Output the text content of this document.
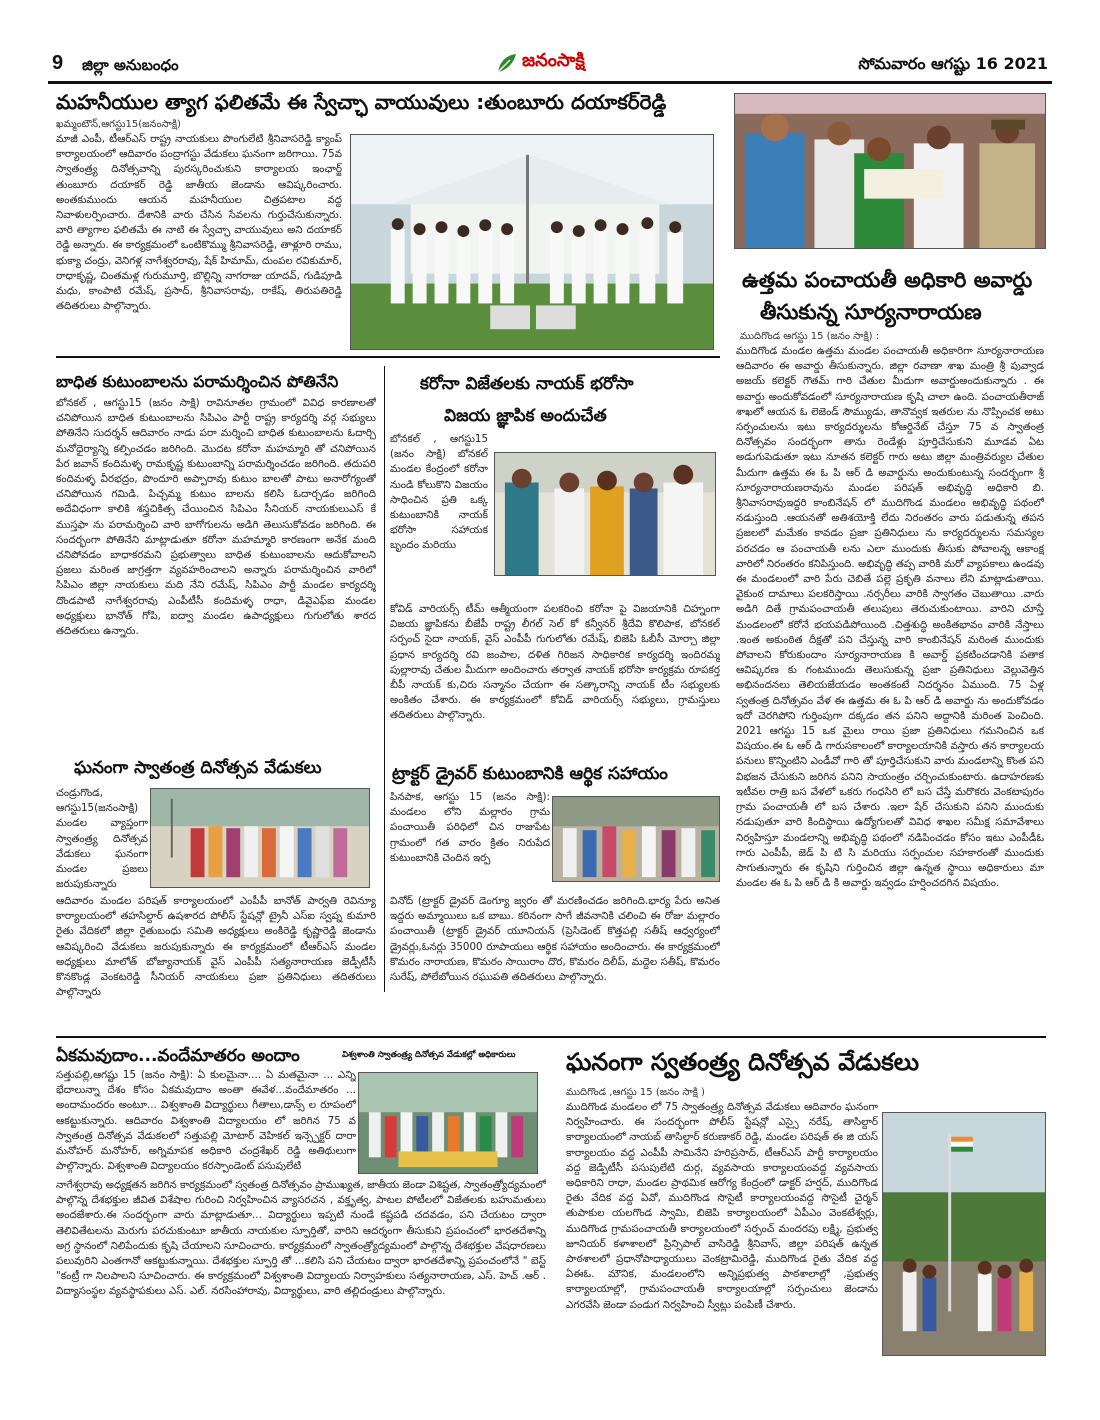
9 జిల్లా అనుబంధం	జనంసాక్షి	సోమవారం ఆగష్టు 16 2021
మహనీయుల త్యాగ ఫలితమే ఈ స్వేచ్ఛా వాయువులు :తుంబూరు దయాకర్‌రెడ్డి
ఖమ్మంటౌన్,ఆగస్టు15(జనంసాక్షి)
మాజీ ఎంపీ, టీఆర్‌ఎస్ రాష్ట్ర నాయకులు పొంగులేటి శ్రీనివాసరెడ్డి క్యాంప్ కార్యాలయంలో ఆదివారం పంద్రాగస్టు వేడుకలు ఘనంగా జరిగాయి. 75వ స్వాతంత్ర్య దినోత్సవాన్ని పురస్కరించుకుని కార్యాలయ ఇంఛార్జ్ తుంబూరు దయాకర్ రెడ్డి జాతీయ జెండాను ఆవిష్కరించారు. అంతకుముందు ఆయన మహనీయుల చిత్రపటాల వద్ద నివాళులర్పించారు. దేశానికి వారు చేసిన సేవలను గుర్తుచేసుకున్నారు. వారి త్యాగాల ఫలితమే ఈ నాటి ఈ స్వేచ్ఛా వాయువులు అని దయాకర్ రెడ్డి అన్నారు. ఈ కార్యక్రమంలో ఒంటికొమ్ము శ్రీనివాసరెడ్డి, తాళ్లూరి రాము, భుక్యా చంద్రు, వెనిగళ్ల నాగేశ్వరరావు, షేక్ హిమామ్, దుంపల రవికుమార్, రాధాకృష్ణ, చింతమళ్ల గురుమూర్తి, బొల్లిన్ని నాగరాజు యాదవ్, గుడిపూడి మధు, కాంపాటి రమేష్, ప్రసాద్, శ్రీనివాసరావు, రాకేష్, తిరుపతిరెడ్డి తదితరులు పాల్గొన్నారు.
ఉత్తమ పంచాయతీ అధికారి అవార్డు
తీసుకున్న సూర్యనారాయణ
ముదిగొండ ఆగస్టు 15 (జనం సాక్షి) :
ముదిగొండ మండల ఉత్తమ మండల పంచాయతీ అధికారిగా సూర్యనారాయణ ఆదివారం ఈ అవార్డు తీసుకున్నారు. జిల్లా రవాణా శాఖ మంత్రి శ్రీ పువ్వాడ అజయ్ కలెక్టర్ గౌతమ్ గారి చేతుల మీదుగా అవార్డుఅందుకున్నారు . ఈ అవార్డు అందుకోవడంలో సూర్యనారాయణ కృషి చాలా ఉంది. పంచాయతీరాజ్ శాఖలో ఆయన ఓ లెజెండ్ సౌమ్యుడు, తానొవ్వక ఇతరుల ను నొప్పించక అటు సర్పంచులను ఇటు కార్యదర్శులను కోఆర్డినేట్ చేస్తూ 75 వ స్వాతంత్ర దినోత్సవం సందర్భంగా తాను రెండేళ్లు పూర్తిచేసుకుని మూడవ ఏట అడుగుపెడుతూ ఇటు నూతన కలెక్టర్ గారు అటు జిల్లా మంత్రివర్యుల చేతుల మీదుగా ఉత్తమ ఈ ఓ పి ఆర్ డి అవార్డును అందుకుంటున్న సందర్భంగా శ్రీ సూర్యనారాయణరావును మండల పరిషత్ అభివృద్ధి అధికారి బి. శ్రీనివాసరావుఇద్దరి కాంబినేషన్ లో ముదిగొండ మండలం అభివృద్ధి పథంలో నడుస్తుంది .ఆయనతో అతిశయోక్తి లేదు నిరంతరం వారు పడుతున్న తపన ప్రజలలో మమేకం కావడం ప్రజా ప్రతినిధులు ను కార్యదర్శులను సమస్యల పరచడం ఆ పంచాయతీ లను ఎలా ముందుకు తీసుకు పోవాలన్న ఆకాంక్ష వారిలో నిరంతరం కనిపిస్తుంది. అభివృద్ధి తప్ప వారికి మరో వ్యాపకాలు ఉండవు ఈ మండలంలో వారి పేరు చెబితే పల్లె ప్రకృతి వనాలు లేని మాట్లాడుతాయి. వైకుంఠ దామాలు పలకరిస్తాయి .నర్సరీలు వారికి స్వాగతం చెబుతాయి .వారు అడిగి దితే గ్రామపంచాయతీ తలుపులు తెరుచుకుంటాయి. వారిని చూస్తే మండలంలో కరోనే భయపడిపోయింది .చిత్తశుద్ధి అంకితభావం వారికి నేస్తాలు .ఇంత అకుంఠిత దీక్షతో పని చేస్తున్న వారి కాంబినేషన్ మరింత ముందుకు పోవాలని కోరుకుందాం సూర్యనారాయణ కి అవార్డ్ ప్రకటించడానికి పతాక ఆవిష్కరణ కు గంటముందు తెలుసుకున్న ప్రజా ప్రతినిధులు వెల్లువెత్తిన అభినందనలు తెలియజేయడం అంతకంటే నిదర్శనం ఏముంది. 75 ఏళ్ల స్వతంత్ర దినోత్సవం వేళ ఈ ఉత్తమ ఈ ఓ పి ఆర్ డి అవార్డు ను అందుకోవడం ఇదో చెరగిపోని గుర్తింపుగా దక్కడం తన పనిని అద్దానికి మరింత పెంచింది. 2021 ఆగస్టు 15 ఒక మైలు రాయి ప్రజా ప్రతినిధులు గమనించిన ఒక విషయం.ఈ ఓ ఆర్ డి గారుసకాలంలో కార్యాలయానికి వస్తారు తన కార్యాలయ పనులు కొన్నింటిని ఎండీవో గారి తో పూర్తిచేసుకుని వారు మండలాన్ని కొంత పని విభజన చేసుకుని జరిగిన పనిని సాయంత్రం చర్చించుకుంటారు. ఉదాహరణకు ఇటీవల రాత్రి బస వేళలో ఒకరు గంధసిరి లో బస చేస్తే మరొకరు వెంకటాపురం గ్రామ పంచాయతీ లో బస చేశారు .ఇలా షేర్ చేసుకుని పనిని ముందుకు నడుపుతూ వారి కిందిస్థాయి ఉద్యోగులతో వివిధ శాఖల సమీక్ష సమావేశాలు నిర్వహిస్తూ మండలాన్ని అభివృద్ధి పథంలో నడిపించడం కోసం ఇటు ఎంపీడీఓ గారు ఎంపీపీ, జెడ్ పి టి సి మరియు సర్పంచుల సహకారంతో ముందుకు సాగుతున్నారు ఈ కృషిని గుర్తించిన జిల్లా ఉన్నత స్థాయి అధికారులు మా మండల ఈ ఓ పి ఆర్ డి కి అవార్డు ఇవ్వడం హర్షించదగిన విషయం.
బాధిత కుటుంబాలను పరామర్శించిన పోతినేని
బోనకల్ , ఆగస్టు15 (జనం సాక్షి) రావినూతల గ్రామంలో వివిధ కారణాలతో చనిపోయిన బాధిత కుటుంబాలను సిపిఎం పార్టీ రాష్ట్ర కార్యదర్శి వర్గ సభ్యులు పోతినేని సుదర్శన్ ఆదివారం నాడు పరా మర్శించి బాధిత కుటుంబాలను ఓదార్చి మనోధైర్యాన్ని కల్పించడం జరిగింది. మొదట కరోనా మహమ్మారి తో చనిపోయిన పేర జవాన్ కందిమళ్ళ రామకృష్ణ కుటుంబాన్ని పరామర్శించడం జరిగింది. తదుపరి కందిమళ్ళ వీరభద్రం, పొందూరి అప్పారావు కుటుం బాలతో పాటు అనారోగ్యంతో చనిపోయిన గమిడి. పిచ్చమ్మ కుటుం బాలను కలిసి ఓదార్చడం జరిగింది అదేవిధంగా కాలికి శస్త్రచికిత్స చేయించిన సిపిఎం సీనియర్ నాయకులుఎస్ కే ముస్తఫా ను పరామర్శించి వారి బాగోగులను అడిగి తెలుసుకోవడం జరిగింది. ఈ సందర్భంగా పోతినేని మాట్లాడుతూ కరోనా మహమ్మారి కారణంగా అనేక మంది చనిపోవడం బాధాకరమని ప్రభుత్వాలు బాధిత కుటుంబాలను ఆదుకోవాలని ప్రజలు మరింత జాగ్రత్తగా వ్యవహరించాలని అన్నారు పరామర్శించిన వారిలో సిపిఎం జిల్లా నాయకులు మది నేని రమేష్, సిపిఎం పార్టీ మండల కార్యదర్శి దొండపాటి నాగేశ్వరరావు ఎంపీటీసీ కందిమళ్ళ రాధా, డివైఎఫ్ఐ మండల అధ్యక్షులు భానోత్ గోపి, ఐద్వా మండల ఉపాధ్యక్షులు గుగులోతు శారద తదితరులు ఉన్నారు.
కరోనా విజేతలకు నాయక్ భరోసా
విజయ జ్ఞాపిక అందుచేత
బోనకల్ , ఆగస్టు15 (జనం సాక్షి) బోనకల్ మండల కేంద్రంలో కరోనా నుండి కోలుకొని విజయం సాధించిన ప్రతి ఒక్క కుటుంబానికి నాయక్ భరోసా సహాయక బృందం మరియు
కోవిడ్ వారియర్స్ టీమ్ ఆత్మీయంగా పలకరించి కరోనా పై విజయానికి చిహ్నంగా విజయ జ్ఞాపికను బీజేపీ రాష్ట్ర లీగల్ సెల్ కో కన్వీనర్ శ్రీదేవి కొలిపాక, బోనకల్ సర్పంచ్ సైదా నాయక్, వైస్ ఎంపీపీ గుగులోతు రమేష్, బిజెపి ఓబీసీ మోర్చా జిల్లా ప్రధాన కార్యదర్శి రవి జంపాల, దళిత గిరిజన సాధికారిక కార్యదర్శి ఇందిరమ్మ పుల్లారావు చేతుల మీదుగా అందించారు తర్వాత నాయక్ భరోసా కార్యక్రమ రూపకర్త బీపీ నాయక్ కు,చిరు సన్మానం చేయగా ఈ సత్కారాన్ని నాయక్ టీం సభ్యులకు అంకితం చేశారు. ఈ కార్యక్రమంలో కోవిడ్ వారియర్స్ సభ్యులు, గ్రామస్తులు తదితరులు పాల్గొన్నారు.
ఘనంగా స్వాతంత్ర దినోత్సవ వేడుకలు
చండ్రుగొండ, ఆగస్టు15(జనంసాక్షి) మండల వ్యాప్తంగా స్వాతంత్ర్య దినోత్సవ వేడుకలు ఘనంగా మండల ప్రజలు జరుపుకున్నారు
ఆదివారం మండల పరిషత్ కార్యాలయంలో ఎంపీపీ బానోత్ పార్వతి రెవిన్యూ కార్యాలయంలో తహసిల్దార్ ఉషశారద పోలీస్ స్టేషన్లో ట్రైనీ ఎస్ఐ స్వప్న కుమారి రైతు వేదికలో జిల్లా రైతుబంధు సమితి అధ్యక్షులు అంకిరెడ్డి కృష్ణారెడ్డి జెండాను ఆవిష్కరించి వేడుకలు జరుపుకున్నారు ఈ కార్యక్రమంలో టీఆర్ఎస్ మండల అధ్యక్షులు మాలోత్ బోజ్యానాయక్ వైస్ ఎంపీపీ సత్యనారాయణ జెడ్పీటీసీ కొనకొండ్ల వెంకటరెడ్డి సీనియర్ నాయకులు ప్రజా ప్రతినిధులు తదితరులు పాల్గొన్నారు
ట్రాక్టర్ డ్రైవర్ కుటుంబానికి ఆర్థిక సహాయం
పినపాక, ఆగస్టు 15 (జనం సాక్షి): మండలం లోని మల్లారం గ్రామ పంచాయితీ పరిధిలో చిన రాజుపేట గ్రామంలో గత వారం క్రితం నిరుపేద కుటుంబానికి చెందిన ఇర్ప
వినోద్ (ట్రాక్టర్ డ్రైవర్ డెంగ్యూ జ్వరం తో మరణించడం జరిగింది.భార్య పేరు అనిత ఇద్దరు అమ్మాయిలు ఒక బాబు. కరినంగా సాగే జీవనానికి చలించి ఈ రోజు మల్లారం పంచాయితీ (ట్రాక్టర్ డ్రైవర్ యూనియన్ (ప్రెసిడెంట్ కొత్తపల్లి సతీష్ ఆధ్వర్యంలో డ్రైవర్లు,ఓనర్లు 35000 రూపాయలు ఆర్థిక సహాయం అందించారు. ఈ కార్యక్రమంలో కొమరం నారాయణ, కొమరం సాయిరాం దొర, కొమరం దిలీప్, మద్దెల సతీష్, కొమరం సురేష్, పోలేబోయిన రఘుపతి తదితరులు పాల్గొన్నారు.
ఏకమవుదాం...వందేమాతరం అందాం	విశ్వశాంతి స్వాతంత్ర్య దినోత్సవ వేడుకల్లో అధికారులు
సత్తుపల్లి,ఆగష్టు 15 (జనం సాక్షి): ఏ కులమైనా.... ఏ మతమైనా ... ఎన్ని భేదాలున్నా దేశం కోసం ఏకమవుదాం అంతా ఈవేళ...వందేమాతరం ... అందామందరం అంటూ... విశ్వశాంతి విద్యార్థులు గీతాలు,డాన్స్ ల రూపంలో ఆకట్టుకున్నారు. ఆదివారం విశ్వశాంతి విద్యాలయం లో జరిగిన 75 వ స్వాతంత్ర దినోత్సవ వేడుకలలో సత్తుపల్లి మోటార్ వెహికల్ ఇన్స్పెక్టర్ దారా మనోహర్ మనోహర్, అగ్నిమాపక అధికారి చంద్రశేఖర్ రెడ్డి అతిథులుగా పాల్గొన్నారు. విశ్వశాంతి విద్యాలయం కరస్పాండెంట్ పసుపులేటి
నాగేశ్వరావు అధ్యక్షతన జరిగిన కార్యక్రమంలో స్వతంత్ర దినోత్సవం ప్రాముఖ్యత, జాతీయ జెండా విశిష్టత, స్వాతంత్ర్యోద్యమంలో పాల్గొన్న దేశభక్తుల జీవిత విశేషాల గురించి నిర్వహించిన వ్యాసరచన , వక్తృత్వ, పాటల పోటీలలో విజేతలకు బహుమతులు అందజేశారు.ఈ సందర్భంగా వారు మాట్లాడుతూ... విద్యార్థులు ఇప్పటి నుండే కష్టపడి చదవడం, పని చేయటం ద్వారా తెలివితేటలను మెరుగు పరచుకుంటూ జాతీయ నాయకుల స్ఫూర్తితో, వారిని ఆదర్శంగా తీసుకుని ప్రపంచంలో భారతదేశాన్ని అగ్ర స్థానంలో నిలిపేందుకు కృషి చేయాలని సూచించారు. కార్యక్రమంలో స్వాతంత్ర్యోద్యమంలో పాల్గొన్న దేశభక్తుల వేషధారణలు పలువురిని ఎంతగానో ఆకట్టుకున్నాయి. దేశభక్తుల స్ఫూర్తి తో ...కలిసి పని చేయటం ద్వారా భారతదేశాన్ని ప్రపంచంలోనే " బెస్ట్ "కంట్రీ గా నిలపాలని సూచించారు. ఈ కార్యక్రమంలో విశ్వశాంతి విద్యాలయ నిర్వాహకులు సత్యనారాయణ, ఎస్. హెచ్ .ఆర్ . విద్యాసంస్థల వ్యవస్థాపకులు ఎస్. ఎల్. నరసింహారావు, విద్యార్థులు, వారి తల్లిదండ్రులు పాల్గొన్నారు.
ఘనంగా స్వతంత్ర్య దినోత్సవ వేడుకలు
ముదిగొండ ,ఆగస్టు 15 (జనం సాక్షి )
ముదిగొండ మండలం లో 75 స్వాతంత్ర్య దినోత్సవ వేడుకలు ఆదివారం ఘనంగా నిర్వహించారు. ఈ సందర్భంగా పోలీస్ స్టేషన్లో ఎస్సై నరేష్, తాసిల్దార్ కార్యాలయంలో నాయబ్ తాసిల్దార్ కరుణాకర్ రెడ్డి, మండల పరిషత్ ఈ జి యస్ కార్యాలయం వద్ద ఎంపీపీ సామినేని హరిప్రసాద్, టీఆర్ఎస్ పార్టీ కార్యాలయం వద్ద జెడ్పిటీసీ పసుపులేటి దుర్గ, వ్యవసాయ కార్యాలయంవద్ద వ్యవసాయ అధికారిని రాధా, మండల ప్రాథమిక ఆరోగ్య కేంద్రంలో డాక్టర్ హర్షద్, ముదిగొండ రైతు వేదిక వద్ద ఏవో, ముదిగొండ సొసైటీ కార్యాలయంవద్ద సొసైటీ చైర్మన్ తుపాకుల యలగొండ స్వామి, బిజెపి కార్యాలయంలో ఏపీఎం వెంకటేశ్వర్లు, ముదిగొండ గ్రామపంచాయతీ కార్యాలయంలో సర్పంచ్ మందరపు లక్ష్మి, ప్రభుత్వ జూనియర్ కళాశాలలో ప్రిన్సిపాల్ వాసిరెడ్డి శ్రీనివాస్, జిల్లా పరిషత్ ఉన్నత పాఠశాలలో ప్రధానోపాధ్యాయులు వెంకట్రామిరెడ్డి, ముదిగొండ రైతు వేదిక వద్ద ఏఈఓ. మౌనిక, మండలంలోని అన్నిప్రభుత్వ పాఠశాలాల్లో ,ప్రభుత్వ కార్యాలయాల్లో, గ్రామపంచాయతీ కార్యాలయాల్లో సర్పంచులు జెండాను ఎగరవేసి జెండా పండుగ నిర్వహించి స్వీట్లు పంపిణీ చేశారు.
